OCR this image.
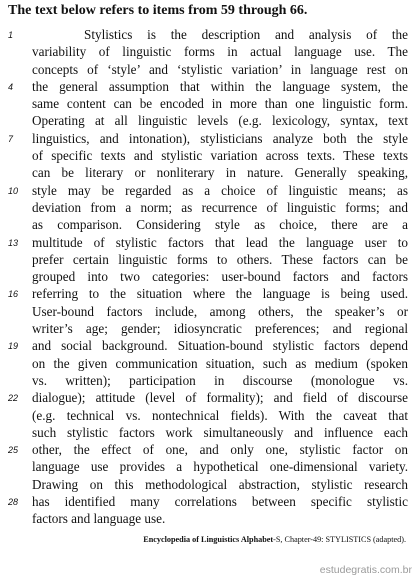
The text below refers to items from 59 through 66.
1	Stylistics is the description and analysis of the
variability of linguistic forms in actual language use. The
concepts of ‘style’ and ‘stylistic variation’ in language rest on
4	the general assumption that within the language system, the
same content can be encoded in more than one linguistic form.
Operating at all linguistic levels (e.g. lexicology, syntax, text
7	linguistics, and intonation), stylisticians analyze both the style
of specific texts and stylistic variation across texts. These texts
can be literary or nonliterary in nature. Generally speaking,
10	style may be regarded as a choice of linguistic means; as
deviation from a norm; as recurrence of linguistic forms; and
as comparison. Considering style as choice, there are a
13	multitude of stylistic factors that lead the language user to
prefer certain linguistic forms to others. These factors can be
grouped into two categories: user-bound factors and factors
16	referring to the situation where the language is being used.
User-bound factors include, among others, the speaker’s or
writer’s age; gender; idiosyncratic preferences; and regional
19	and social background. Situation-bound stylistic factors depend
on the given communication situation, such as medium (spoken
vs. written); participation in discourse (monologue vs.
22	dialogue); attitude (level of formality); and field of discourse
(e.g. technical vs. nontechnical fields). With the caveat that
such stylistic factors work simultaneously and influence each
25	other, the effect of one, and only one, stylistic factor on
language use provides a hypothetical one-dimensional variety.
Drawing on this methodological abstraction, stylistic research
28	has identified many correlations between specific stylistic
factors and language use.
Encyclopedia of Linguistics Alphabet-S, Chapter-49: STYLISTICS (adapted).
estudegratis.com.br
